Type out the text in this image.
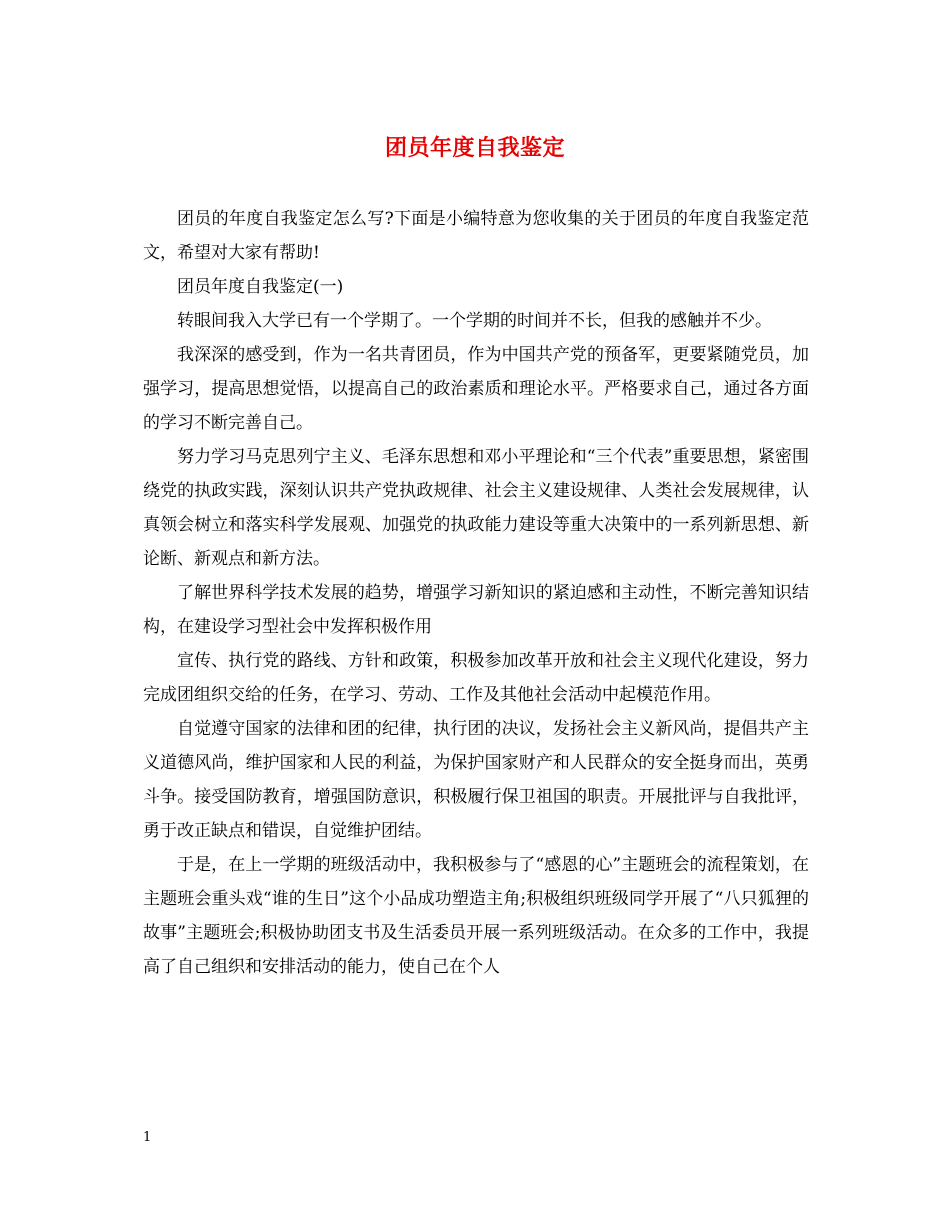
团员年度自我鉴定

团员的年度自我鉴定怎么写?下面是小编特意为您收集的关于团员的年度自我鉴定范文，希望对大家有帮助!

团员年度自我鉴定(一)

转眼间我入大学已有一个学期了。一个学期的时间并不长，但我的感触并不少。

我深深的感受到，作为一名共青团员，作为中国共产党的预备军，更要紧随党员，加强学习，提高思想觉悟，以提高自己的政治素质和理论水平。严格要求自己，通过各方面的学习不断完善自己。

努力学习马克思列宁主义、毛泽东思想和邓小平理论和“三个代表”重要思想，紧密围绕党的执政实践，深刻认识共产党执政规律、社会主义建设规律、人类社会发展规律，认真领会树立和落实科学发展观、加强党的执政能力建设等重大决策中的一系列新思想、新论断、新观点和新方法。

了解世界科学技术发展的趋势，增强学习新知识的紧迫感和主动性，不断完善知识结构，在建设学习型社会中发挥积极作用

宣传、执行党的路线、方针和政策，积极参加改革开放和社会主义现代化建设，努力完成团组织交给的任务，在学习、劳动、工作及其他社会活动中起模范作用。

自觉遵守国家的法律和团的纪律，执行团的决议，发扬社会主义新风尚，提倡共产主义道德风尚，维护国家和人民的利益，为保护国家财产和人民群众的安全挺身而出，英勇斗争。接受国防教育，增强国防意识，积极履行保卫祖国的职责。开展批评与自我批评，勇于改正缺点和错误，自觉维护团结。

于是，在上一学期的班级活动中，我积极参与了“感恩的心”主题班会的流程策划，在主题班会重头戏“谁的生日”这个小品成功塑造主角;积极组织班级同学开展了“八只狐狸的故事”主题班会;积极协助团支书及生活委员开展一系列班级活动。在众多的工作中，我提高了自己组织和安排活动的能力，使自己在个人

1
